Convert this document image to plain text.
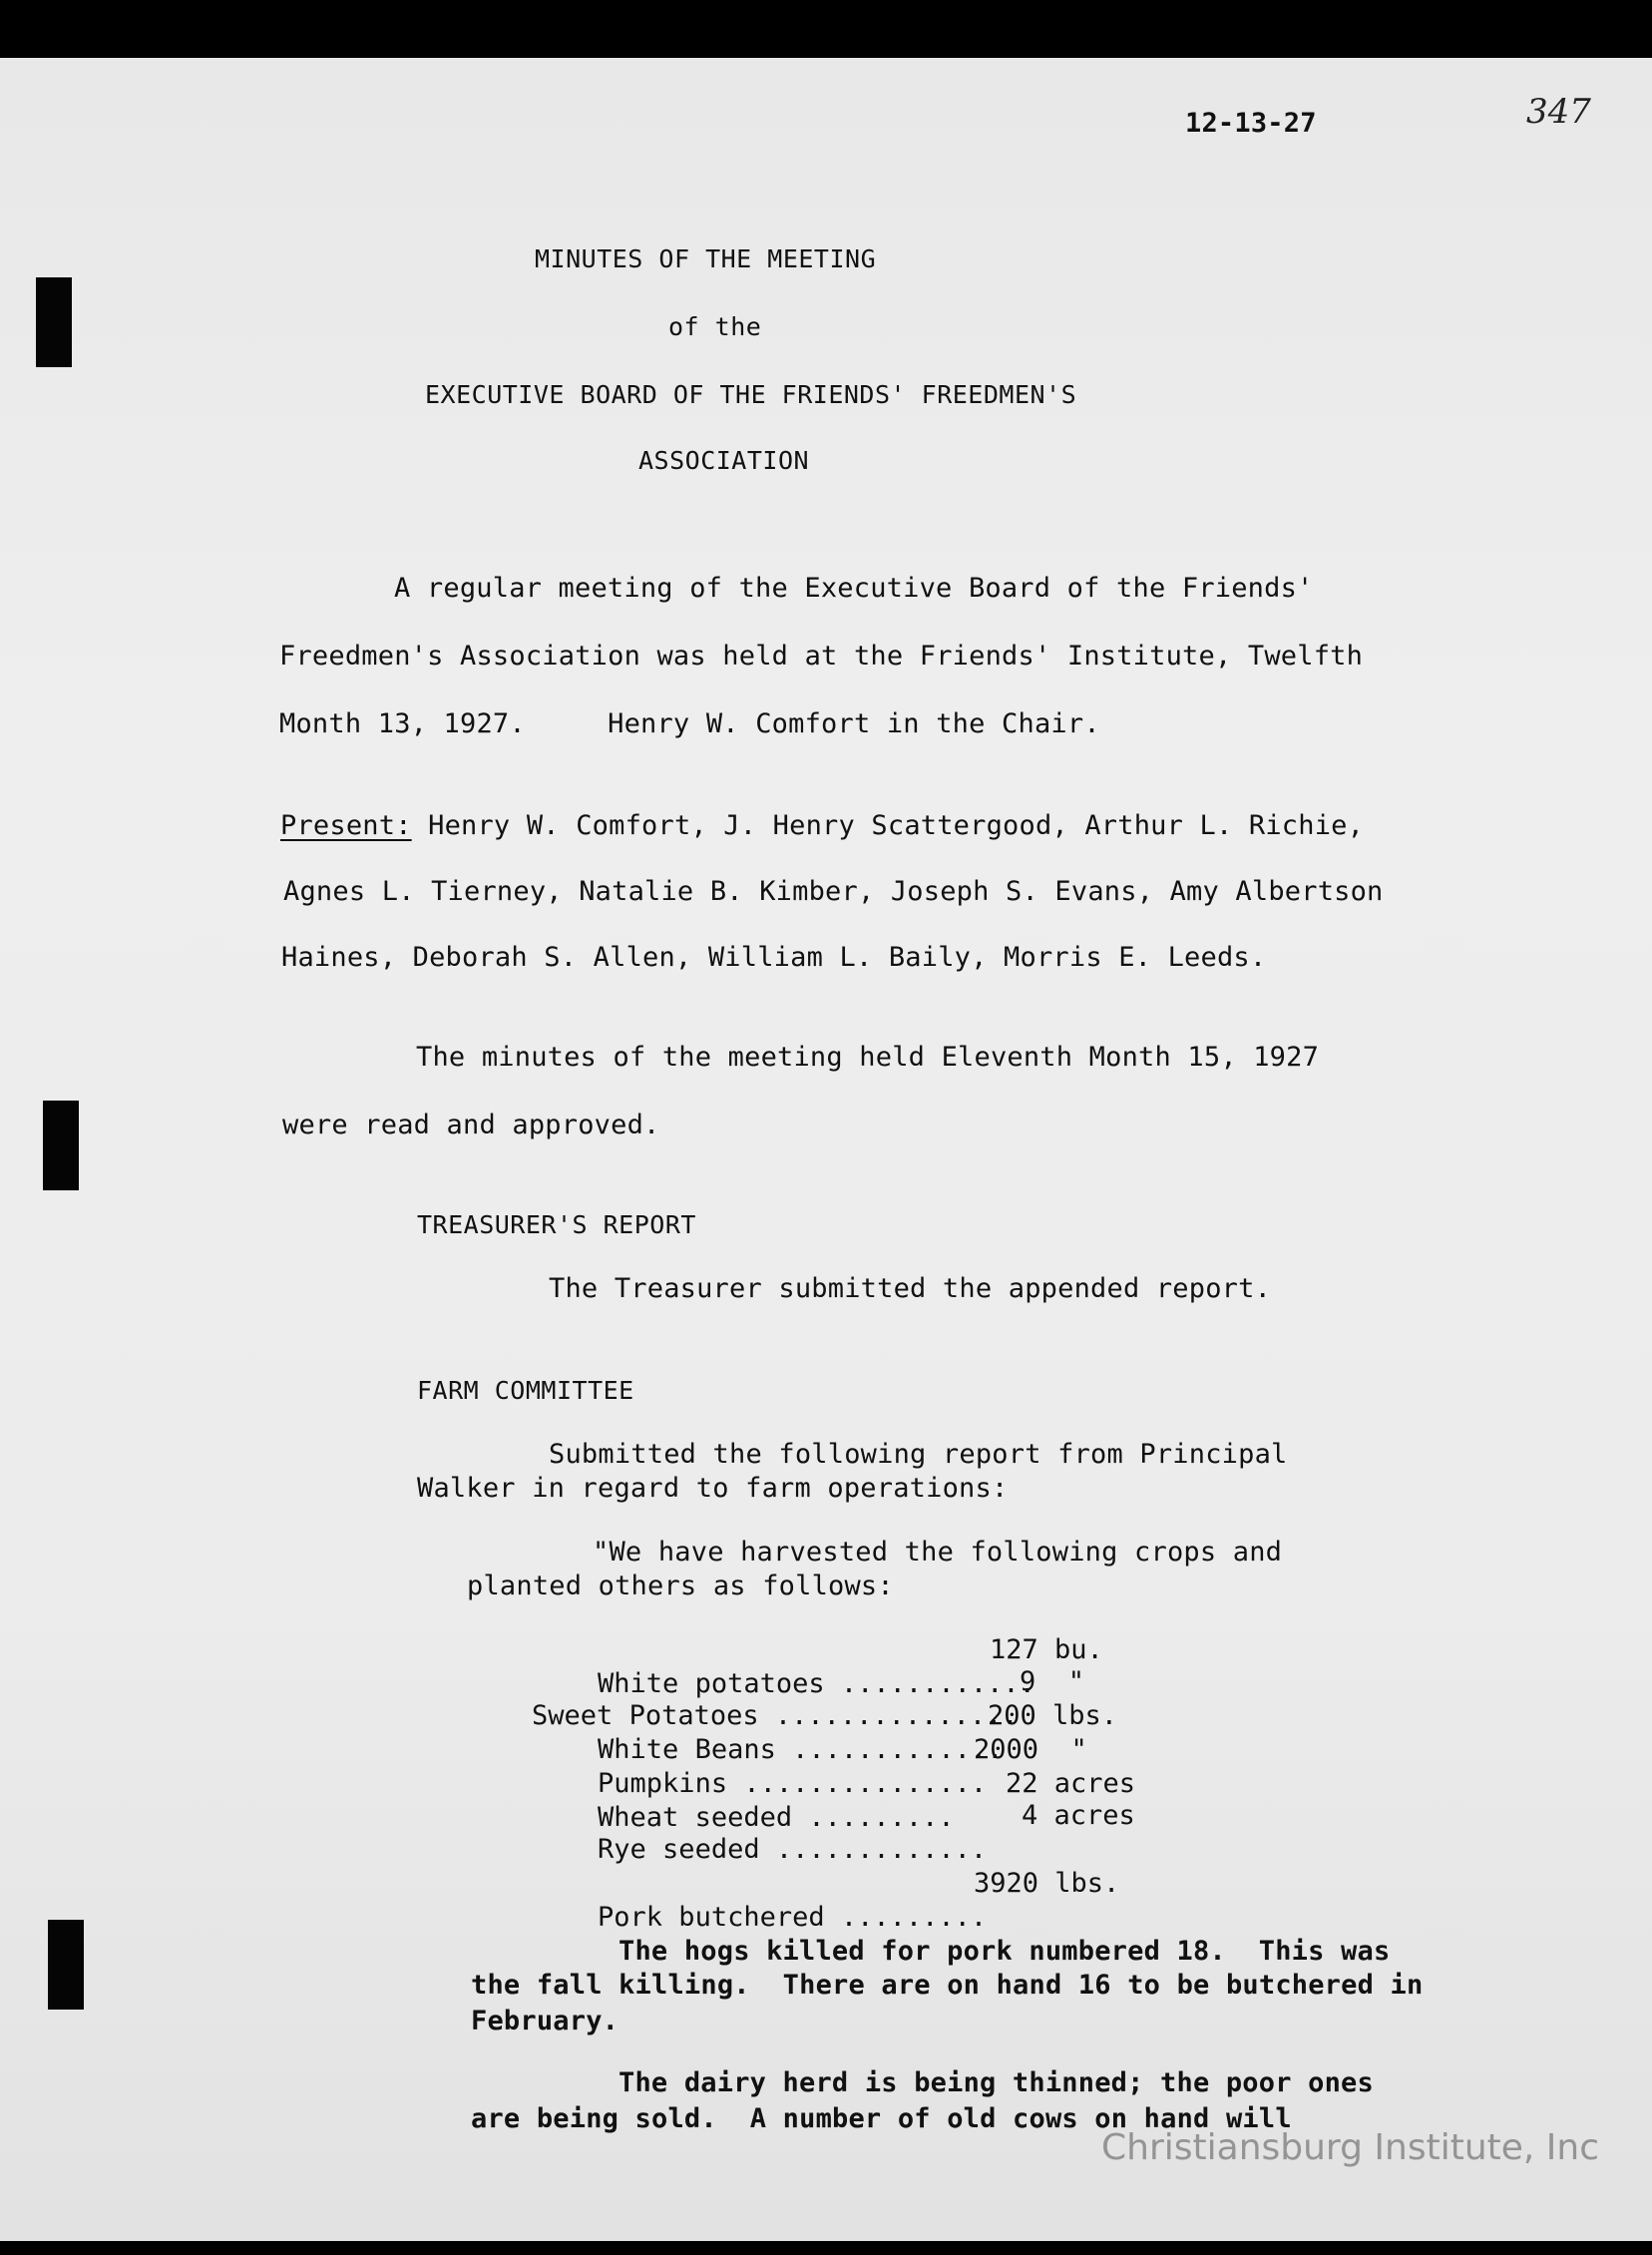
12-13-27	347
MINUTES OF THE MEETING
of the
EXECUTIVE BOARD OF THE FRIENDS' FREEDMEN'S
ASSOCIATION
A regular meeting of the Executive Board of the Friends'
Freedmen's Association was held at the Friends' Institute, Twelfth
Month 13, 1927.     Henry W. Comfort in the Chair.
Present: Henry W. Comfort, J. Henry Scattergood, Arthur L. Richie,
Agnes L. Tierney, Natalie B. Kimber, Joseph S. Evans, Amy Albertson
Haines, Deborah S. Allen, William L. Baily, Morris E. Leeds.
The minutes of the meeting held Eleventh Month 15, 1927
were read and approved.
TREASURER'S REPORT
The Treasurer submitted the appended report.
FARM COMMITTEE
Submitted the following report from Principal
Walker in regard to farm operations:
"We have harvested the following crops and
planted others as follows:

White potatoes ............

127 bu.

Sweet Potatoes ...............

9  "

White Beans .............

200 lbs.

Pumpkins ...............

2000  "

Wheat seeded .........

22 acres

Rye seeded .............

4 acres

Pork butchered .........

3920 lbs.
The hogs killed for pork numbered 18.  This was
the fall killing.  There are on hand 16 to be butchered in
February.
The dairy herd is being thinned; the poor ones
are being sold.  A number of old cows on hand will
Christiansburg Institute, Inc
